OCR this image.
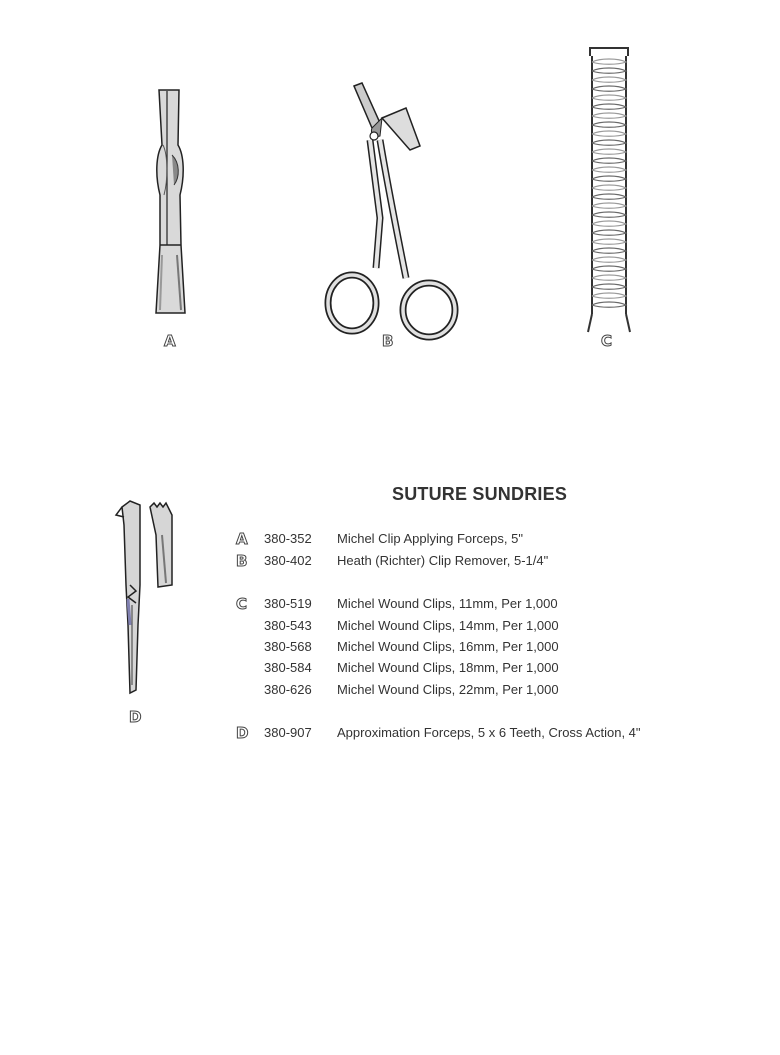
A	B	C
D
SUTURE SUNDRIES
A 380-352 Michel Clip Applying Forceps, 5"
B 380-402 Heath (Richter) Clip Remover, 5-1/4"
C 380-519 Michel Wound Clips, 11mm, Per 1,000
380-543 Michel Wound Clips, 14mm, Per 1,000
380-568 Michel Wound Clips, 16mm, Per 1,000
380-584 Michel Wound Clips, 18mm, Per 1,000
380-626 Michel Wound Clips, 22mm, Per 1,000
D 380-907 Approximation Forceps, 5 x 6 Teeth, Cross Action, 4"
